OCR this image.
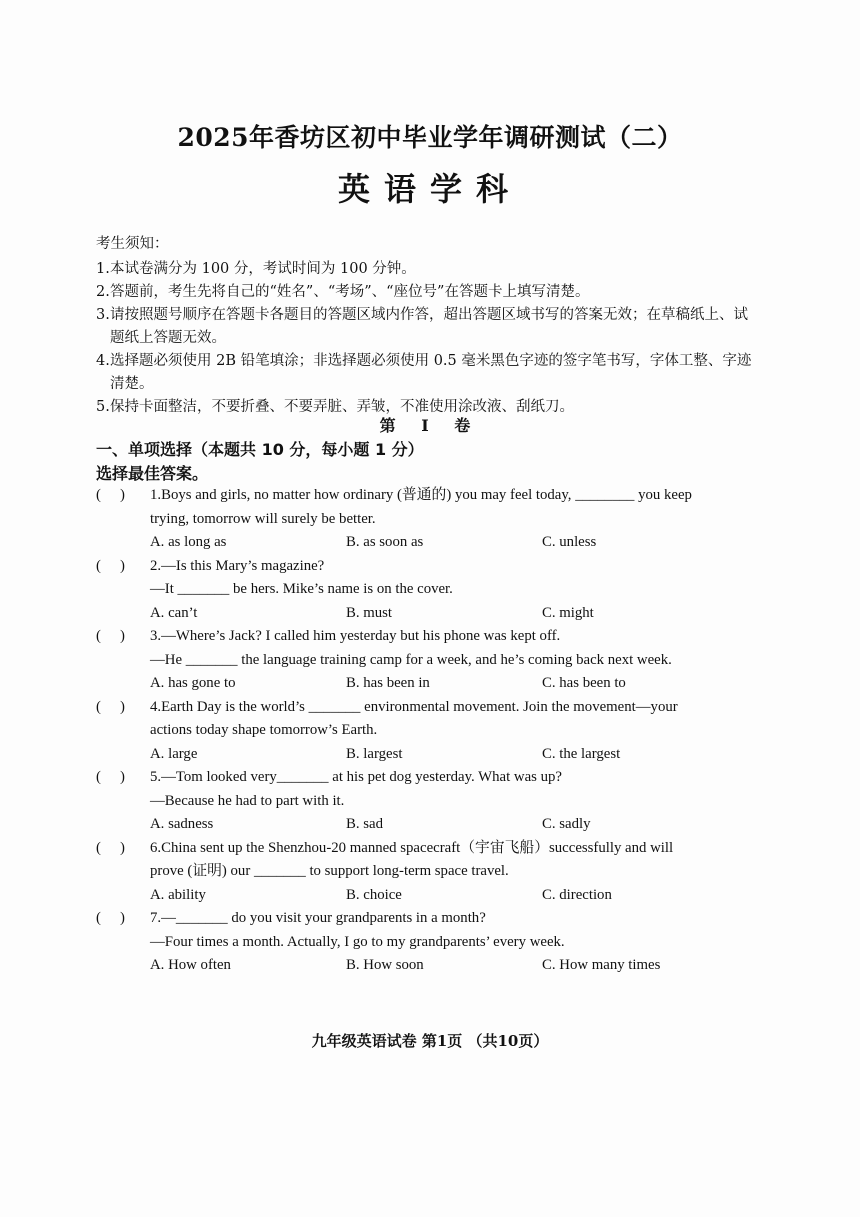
2025年香坊区初中毕业学年调研测试（二）
英语学科
考生须知：
1. 本试卷满分为 100 分，考试时间为 100 分钟。
2. 答题前，考生先将自己的“姓名”、“考场”、“座位号”在答题卡上填写清楚。
3. 请按照题号顺序在答题卡各题目的答题区域内作答，超出答题区域书写的答案无效；在草稿纸上、试题纸上答题无效。
4. 选择题必须使用 2B 铅笔填涂；非选择题必须使用 0.5 毫米黑色字迹的签字笔书写，字体工整、字迹清楚。
5. 保持卡面整洁，不要折叠、不要弄脏、弄皱，不准使用涂改液、刮纸刀。
第 Ⅰ 卷
一、单项选择（本题共 10 分，每小题 1 分）
选择最佳答案。
( )	1.Boys and girls, no matter how ordinary (普通的) you may feel today, ________ you keep
trying, tomorrow will surely be better.
A. as long as	B. as soon as	C. unless
( )	2.—Is this Mary’s magazine?
—It _______ be hers. Mike’s name is on the cover.
A. can’t	B. must	C. might
( )	3.—Where’s Jack? I called him yesterday but his phone was kept off.
—He _______ the language training camp for a week, and he’s coming back next week.
A. has gone to	B. has been in	C. has been to
( )	4.Earth Day is the world’s _______ environmental movement. Join the movement—your
actions today shape tomorrow’s Earth.
A. large	B. largest	C. the largest
( )	5.—Tom looked very_______ at his pet dog yesterday. What was up?
—Because he had to part with it.
A. sadness	B. sad	C. sadly
( )	6.China sent up the Shenzhou-20 manned spacecraft（宇宙飞船）successfully and will
prove (证明) our _______ to support long-term space travel.
A. ability	B. choice	C. direction
( )	7.—_______ do you visit your grandparents in a month?
—Four times a month. Actually, I go to my grandparents’ every week.
A. How often	B. How soon	C. How many times
九年级英语试卷 第1页 （共10页）
